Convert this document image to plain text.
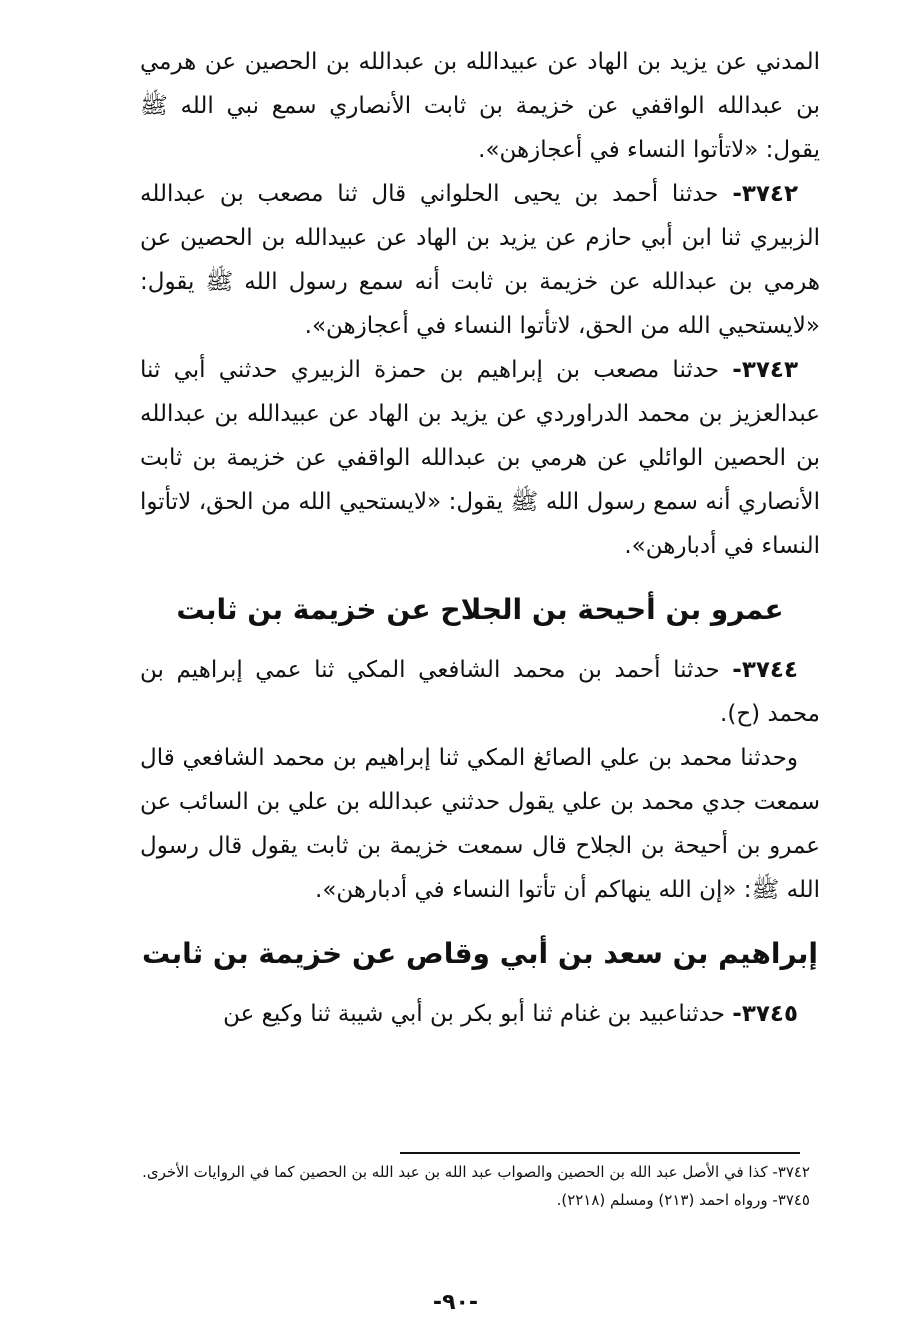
المدني عن يزيد بن الهاد عن عبيدالله بن عبدالله بن الحصين عن هرمي بن عبدالله الواقفي عن خزيمة بن ثابت الأنصاري سمع نبي الله ﷺ يقول: «لاتأتوا النساء في أعجازهن».

٣٧٤٢- حدثنا أحمد بن يحيى الحلواني قال ثنا مصعب بن عبدالله الزبيري ثنا ابن أبي حازم عن يزيد بن الهاد عن عبيدالله بن الحصين عن هرمي بن عبدالله عن خزيمة بن ثابت أنه سمع رسول الله ﷺ يقول: «لايستحيي الله من الحق، لاتأتوا النساء في أعجازهن».

٣٧٤٣- حدثنا مصعب بن إبراهيم بن حمزة الزبيري حدثني أبي ثنا عبدالعزيز بن محمد الدراوردي عن يزيد بن الهاد عن عبيدالله بن عبدالله بن الحصين الوائلي عن هرمي بن عبدالله الواقفي عن خزيمة بن ثابت الأنصاري أنه سمع رسول الله ﷺ يقول: «لايستحيي الله من الحق، لاتأتوا النساء في أدبارهن».

عمرو بن أحيحة بن الجلاح عن خزيمة بن ثابت

٣٧٤٤- حدثنا أحمد بن محمد الشافعي المكي ثنا عمي إبراهيم بن محمد (ح).

وحدثنا محمد بن علي الصائغ المكي ثنا إبراهيم بن محمد الشافعي قال سمعت جدي محمد بن علي يقول حدثني عبدالله بن علي بن السائب عن عمرو بن أحيحة بن الجلاح قال سمعت خزيمة بن ثابت يقول قال رسول الله ﷺ: «إن الله ينهاكم أن تأتوا النساء في أدبارهن».

إبراهيم بن سعد بن أبي وقاص عن خزيمة بن ثابت

٣٧٤٥- حدثناعبيد بن غنام ثنا أبو بكر بن أبي شيبة ثنا وكيع عن

٣٧٤٢- كذا في الأصل عبد الله بن الحصين والصواب عبد الله بن عبد الله بن الحصين كما في الروايات الأخرى.

٣٧٤٥- ورواه احمد (٢١٣) ومسلم (٢٢١٨).

-٩٠-
